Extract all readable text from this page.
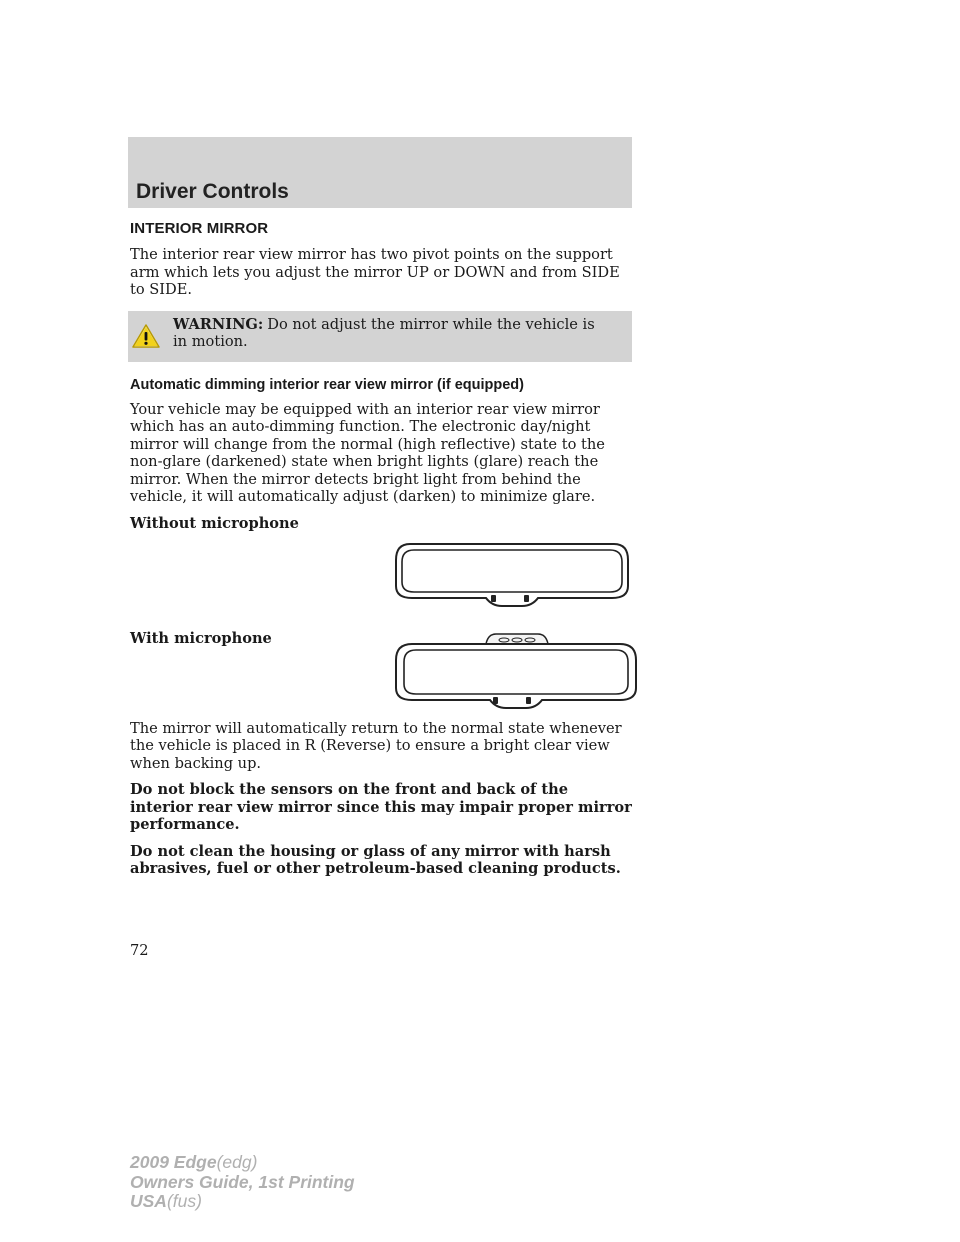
Driver Controls
INTERIOR MIRROR

The interior rear view mirror has two pivot points on the support arm which lets you adjust the mirror UP or DOWN and from SIDE to SIDE.

WARNING: Do not adjust the mirror while the vehicle is in motion.
Automatic dimming interior rear view mirror (if equipped)

Your vehicle may be equipped with an interior rear view mirror which has an auto-dimming function. The electronic day/night mirror will change from the normal (high reflective) state to the non-glare (darkened) state when bright lights (glare) reach the mirror. When the mirror detects bright light from behind the vehicle, it will automatically adjust (darken) to minimize glare.

Without microphone
With microphone

The mirror will automatically return to the normal state whenever the vehicle is placed in R (Reverse) to ensure a bright clear view when backing up.

Do not block the sensors on the front and back of the interior rear view mirror since this may impair proper mirror performance.

Do not clean the housing or glass of any mirror with harsh abrasives, fuel or other petroleum-based cleaning products.

72
2009 Edge(edg)
Owners Guide, 1st Printing
USA(fus)
